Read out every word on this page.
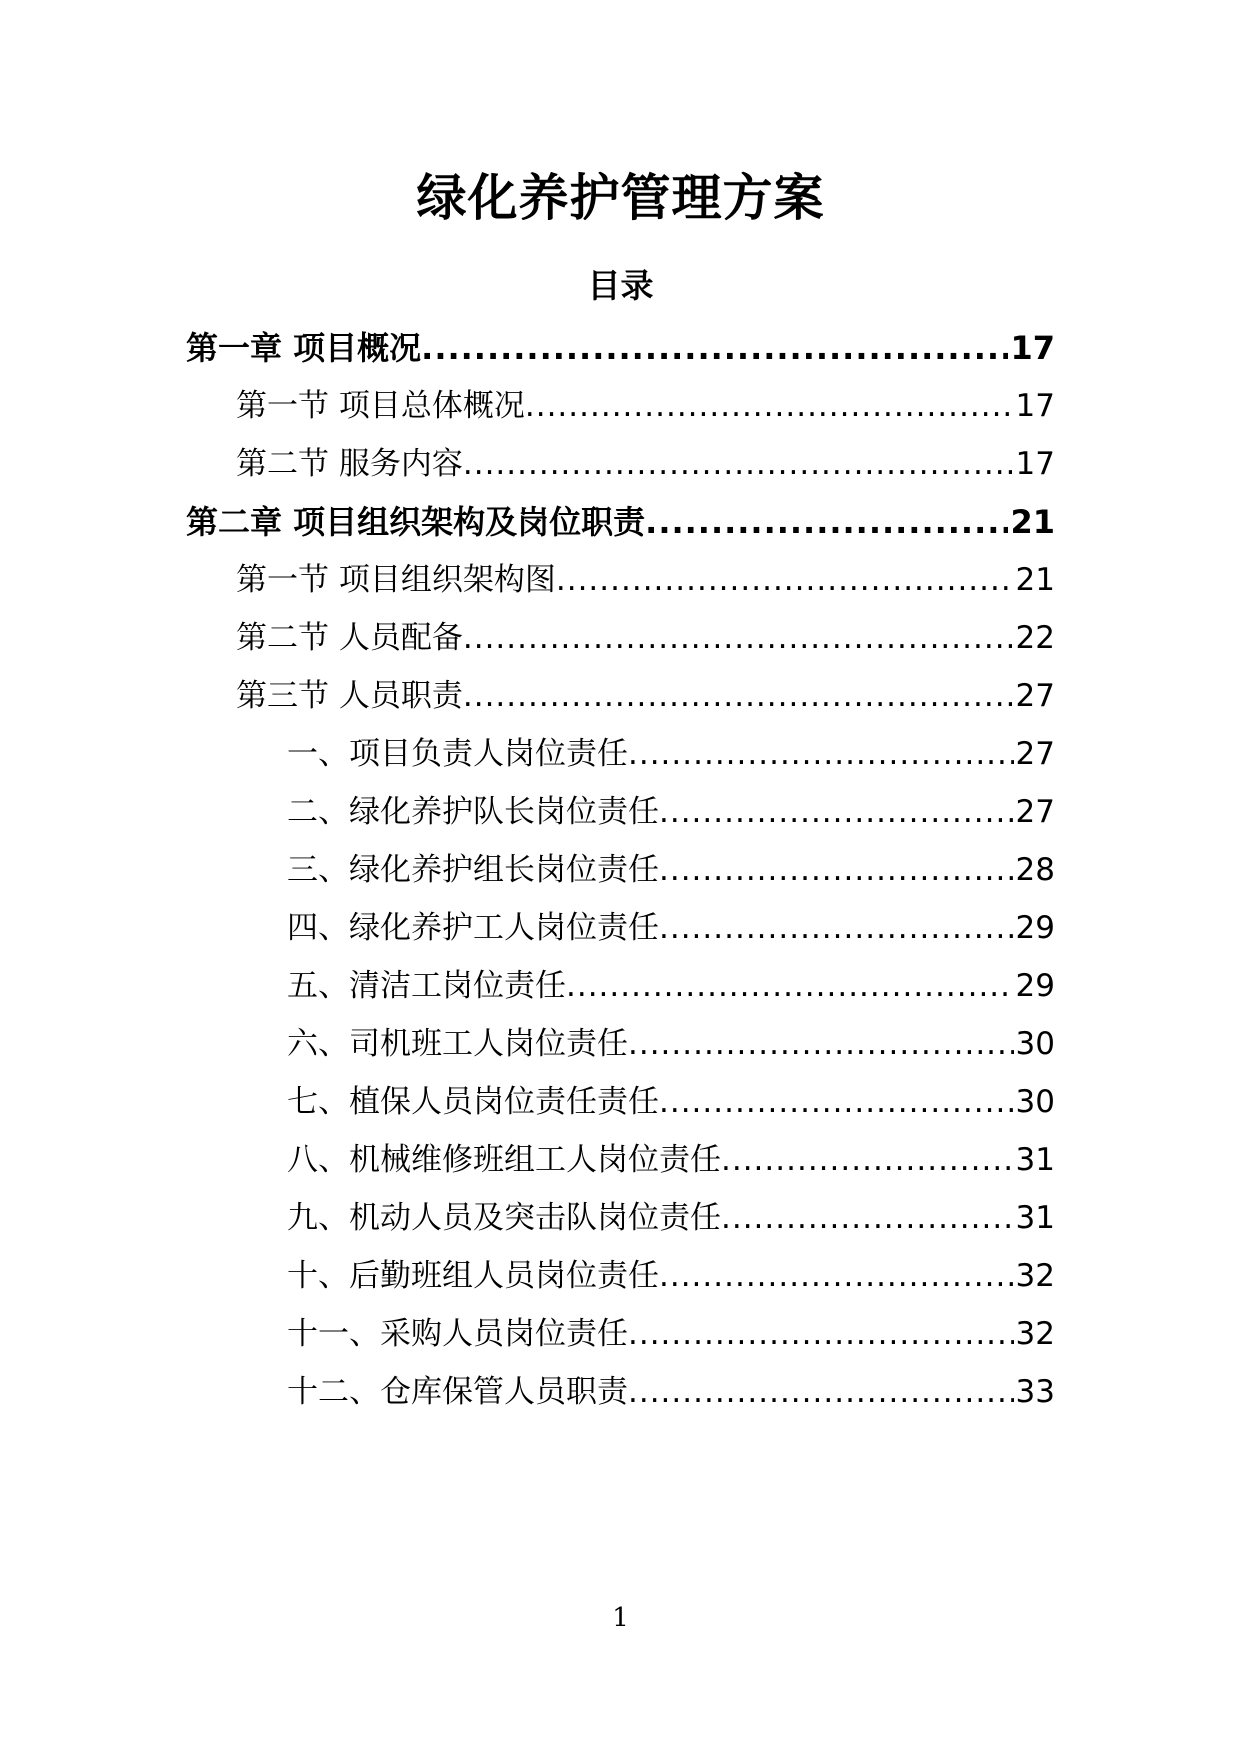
绿化养护管理方案
目录
第一章 项目概况 .....	17
第一节 项目总体概况 .....	17
第二节 服务内容 .....	17
第二章 项目组织架构及岗位职责 .....	21
第一节 项目组织架构图 .....	21
第二节 人员配备 .....	22
第三节 人员职责 .....	27
一、项目负责人岗位责任 .....	27
二、绿化养护队长岗位责任 .....	27
三、绿化养护组长岗位责任 .....	28
四、绿化养护工人岗位责任 .....	29
五、清洁工岗位责任 .....	29
六、司机班工人岗位责任 .....	30
七、植保人员岗位责任责任 .....	30
八、机械维修班组工人岗位责任 .....	31
九、机动人员及突击队岗位责任 .....	31
十、后勤班组人员岗位责任 .....	32
十一、采购人员岗位责任 .....	32
十二、仓库保管人员职责 .....	33
1
